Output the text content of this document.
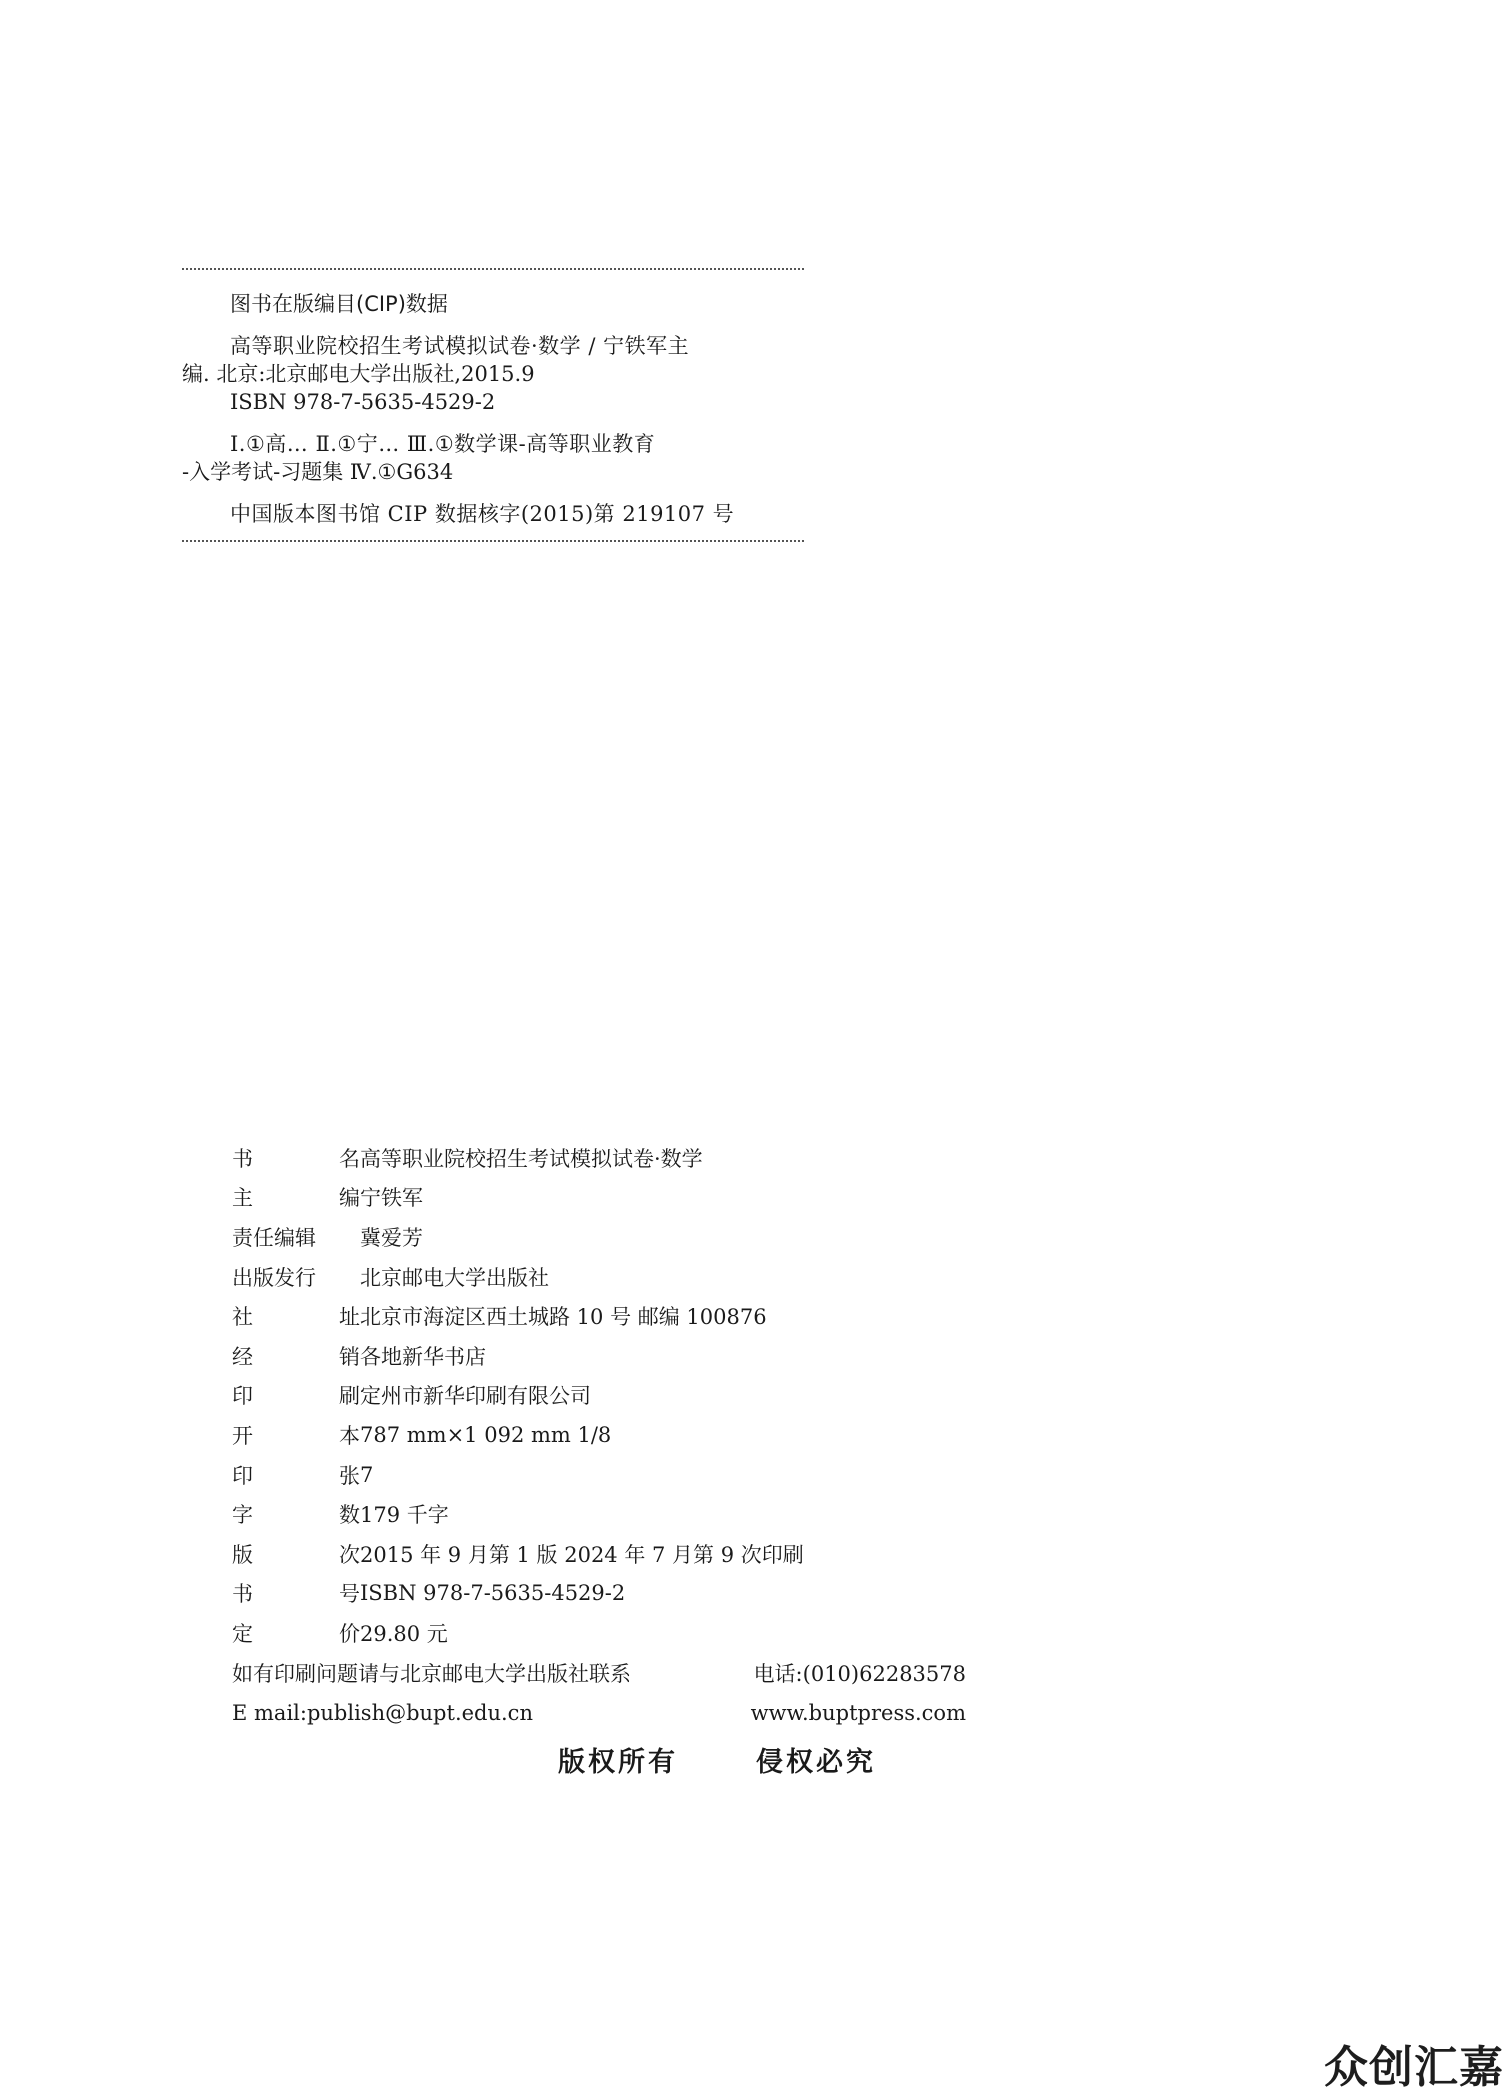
图书在版编目(CIP)数据

高等职业院校招生考试模拟试卷·数学 / 宁铁军主

编. 北京:北京邮电大学出版社,2015.9

ISBN 978-7-5635-4529-2

Ⅰ.①高… Ⅱ.①宁… Ⅲ.①数学课-高等职业教育

-入学考试-习题集 Ⅳ.①G634

中国版本图书馆 CIP 数据核字(2015)第 219107 号

书	名 高等职业院校招生考试模拟试卷·数学
主	编 宁铁军
责任编辑 冀爱芳
出版发行 北京邮电大学出版社
社	址 北京市海淀区西土城路 10 号 邮编 100876
经	销 各地新华书店
印	刷 定州市新华印刷有限公司
开	本 787 mm×1 092 mm 1/8
印	张 7
字	数 179 千字
版	次 2015 年 9 月第 1 版 2024 年 7 月第 9 次印刷
书	号 ISBN 978-7-5635-4529-2
定	价 29.80 元
如有印刷问题请与北京邮电大学出版社联系	电话:(010)62283578
E mail:publish@bupt.edu.cn	www.buptpress.com
版权所有	侵权必究
众创汇嘉
